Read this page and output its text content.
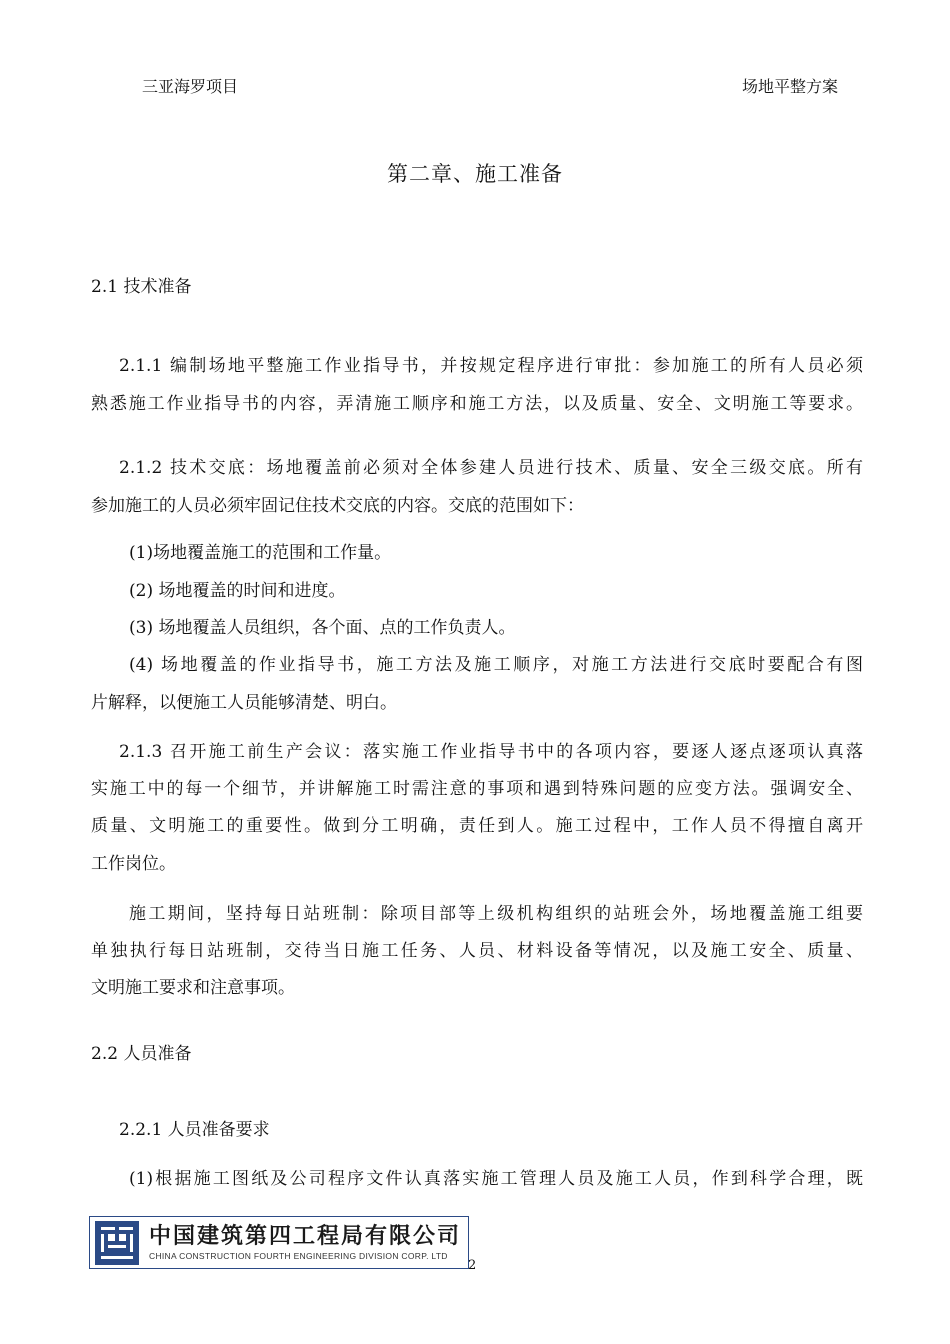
三亚海罗项目	场地平整方案
第二章、施工准备
2.1 技术准备
2.1.1 编制场地平整施工作业指导书，并按规定程序进行审批：参加施工的所有人员必须
熟悉施工作业指导书的内容，弄清施工顺序和施工方法，以及质量、安全、文明施工等要求。
2.1.2 技术交底：场地覆盖前必须对全体参建人员进行技术、质量、安全三级交底。所有
参加施工的人员必须牢固记住技术交底的内容。交底的范围如下：
(1)场地覆盖施工的范围和工作量。
(2) 场地覆盖的时间和进度。
(3) 场地覆盖人员组织，各个面、点的工作负责人。
(4) 场地覆盖的作业指导书，施工方法及施工顺序，对施工方法进行交底时要配合有图
片解释，以便施工人员能够清楚、明白。
2.1.3 召开施工前生产会议：落实施工作业指导书中的各项内容，要逐人逐点逐项认真落
实施工中的每一个细节，并讲解施工时需注意的事项和遇到特殊问题的应变方法。强调安全、
质量、文明施工的重要性。做到分工明确，责任到人。施工过程中，工作人员不得擅自离开
工作岗位。
施工期间，坚持每日站班制：除项目部等上级机构组织的站班会外，场地覆盖施工组要
单独执行每日站班制，交待当日施工任务、人员、材料设备等情况，以及施工安全、质量、
文明施工要求和注意事项。
2.2 人员准备
2.2.1 人员准备要求
(1)根据施工图纸及公司程序文件认真落实施工管理人员及施工人员，作到科学合理，既
中国建筑第四工程局有限公司
CHINA CONSTRUCTION FOURTH ENGINEERING DIVISION CORP. LTD
2
